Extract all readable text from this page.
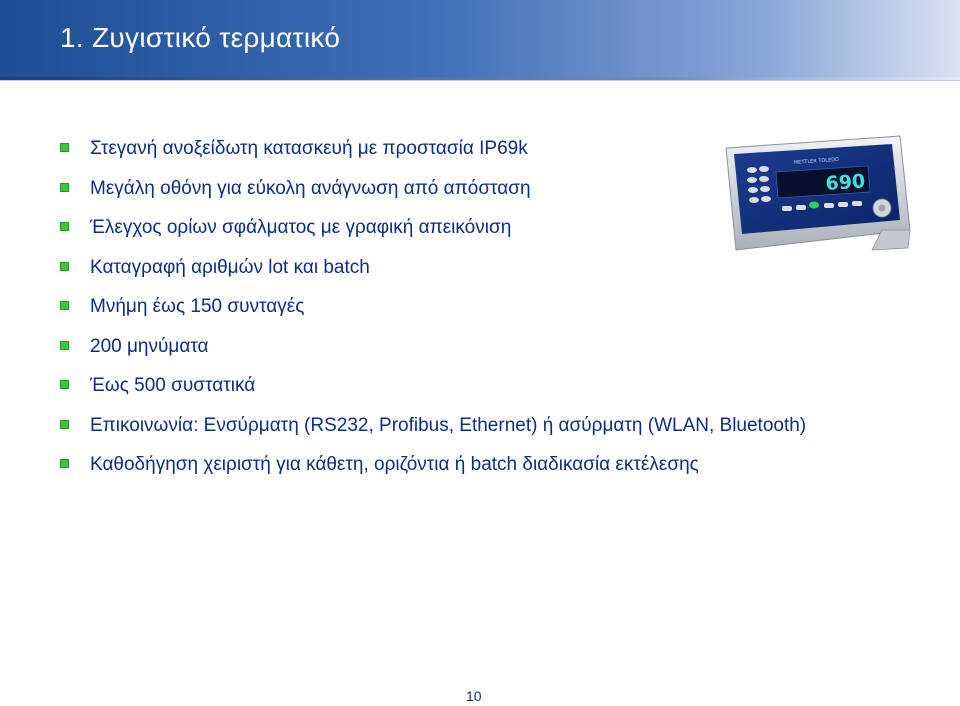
1. Ζυγιστικό τερματικό
690
METTLER TOLEDO
Στεγανή ανοξείδωτη κατασκευή με προστασία IP69k
Μεγάλη οθόνη για εύκολη ανάγνωση από απόσταση
Έλεγχος ορίων σφάλματος με γραφική απεικόνιση
Καταγραφή αριθμών lot και batch
Μνήμη έως 150 συνταγές
200 μηνύματα
Έως 500 συστατικά
Επικοινωνία: Ενσύρματη (RS232, Profibus, Ethernet) ή ασύρματη (WLAN, Bluetooth)
Καθοδήγηση χειριστή για κάθετη, οριζόντια ή batch διαδικασία εκτέλεσης
10
